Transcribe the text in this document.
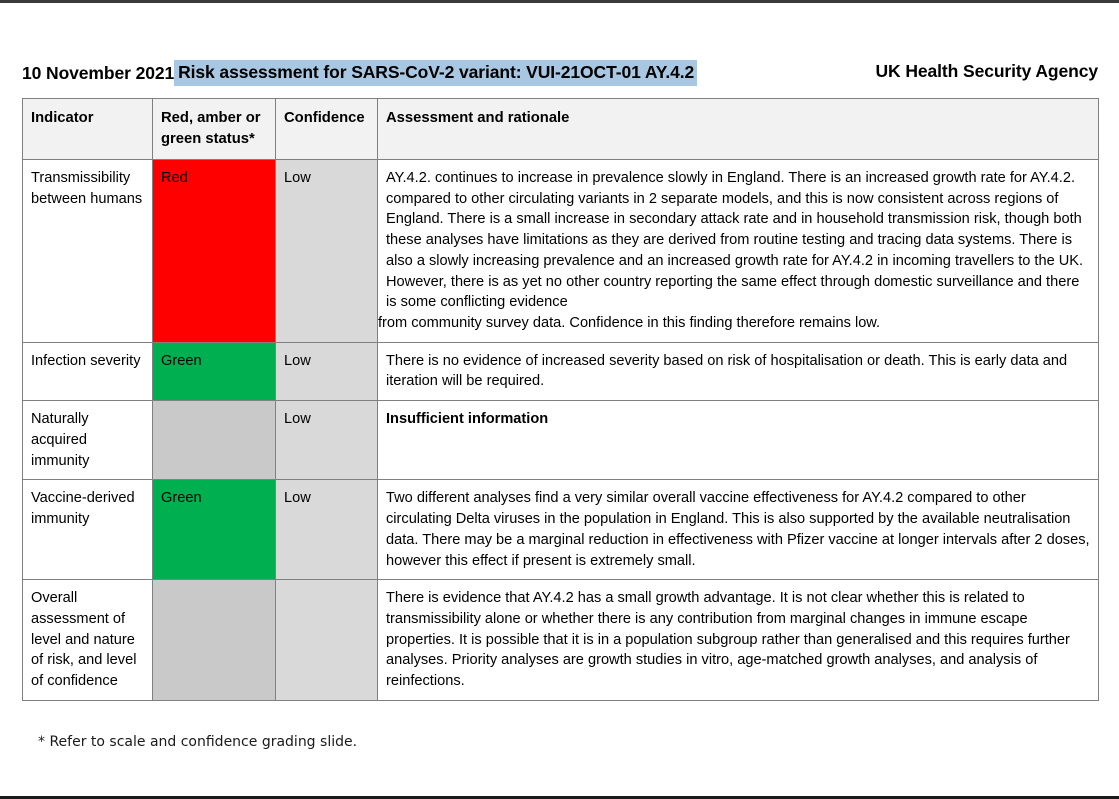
10 November 2021 Risk assessment for SARS-CoV-2 variant: VUI-21OCT-01 AY.4.2	UK Health Security Agency
Indicator	Red, amber or green status*	Confidence	Assessment and rationale
Transmissibility between humans	Red	Low	AY.4.2. continues to increase in prevalence slowly in England. There is an increased growth rate for AY.4.2. compared to other circulating variants in 2 separate models, and this is now consistent across regions of England. There is a small increase in secondary attack rate and in household transmission risk, though both these analyses have limitations as they are derived from routine testing and tracing data systems. There is also a slowly increasing prevalence and an increased growth rate for AY.4.2 in incoming travellers to the UK. However, there is as yet no other country reporting the same effect through domestic surveillance and there is some conflicting evidence

from community survey data. Confidence in this finding therefore remains low.

Infection severity	Green	Low	There is no evidence of increased severity based on risk of hospitalisation or death. This is early data and iteration will be required.

Naturally acquired immunity		Low	Insufficient information

Vaccine-derived immunity	Green	Low	Two different analyses find a very similar overall vaccine effectiveness for AY.4.2 compared to other circulating Delta viruses in the population in England. This is also supported by the available neutralisation data. There may be a marginal reduction in effectiveness with Pfizer vaccine at longer intervals after 2 doses, however this effect if present is extremely small.

Overall assessment of level and nature of risk, and level of confidence			There is evidence that AY.4.2 has a small growth advantage. It is not clear whether this is related to transmissibility alone or whether there is any contribution from marginal changes in immune escape properties. It is possible that it is in a population subgroup rather than generalised and this requires further analyses. Priority analyses are growth studies in vitro, age-matched growth analyses, and analysis of reinfections.

* Refer to scale and confidence grading slide.
